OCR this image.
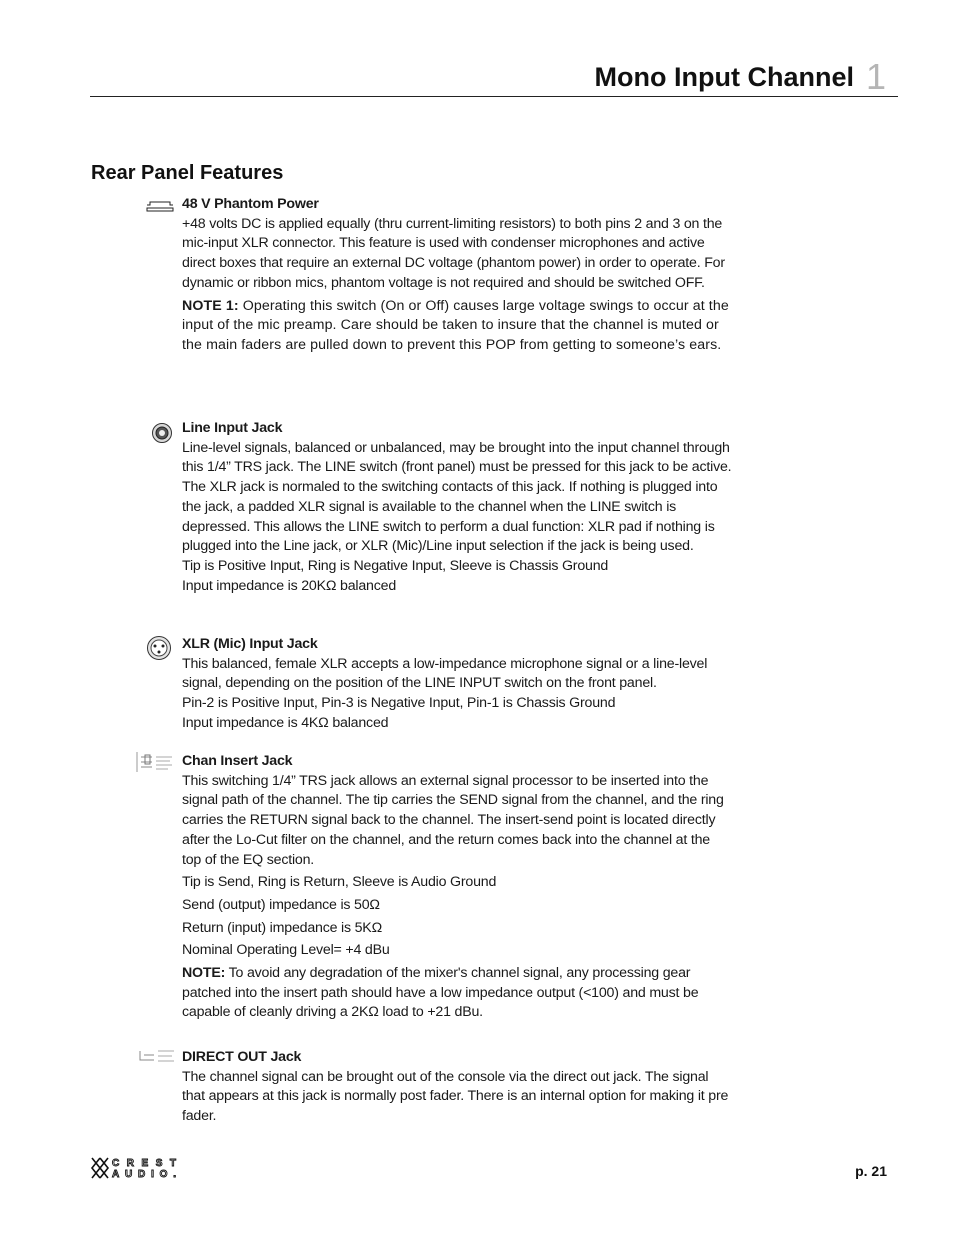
Mono Input Channel 1
Rear Panel Features
48 V Phantom Power

+48 volts DC is applied equally (thru current-limiting resistors) to both pins 2 and 3 on the mic-input XLR connector. This feature is used with condenser microphones and active direct boxes that require an external DC voltage (phantom power) in order to operate. For dynamic or ribbon mics, phantom voltage is not required and should be switched OFF.

NOTE 1: Operating this switch (On or Off) causes large voltage swings to occur at the input of the mic preamp. Care should be taken to insure that the channel is muted or the main faders are pulled down to prevent this POP from getting to someone’s ears.

Line Input Jack

Line-level signals, balanced or unbalanced, may be brought into the input channel through this 1/4” TRS jack. The LINE switch (front panel) must be pressed for this jack to be active. The XLR jack is normaled to the switching contacts of this jack. If nothing is plugged into the jack, a padded XLR signal is available to the channel when the LINE switch is depressed. This allows the LINE switch to perform a dual function: XLR pad if nothing is plugged into the Line jack, or XLR (Mic)/Line input selection if the jack is being used.

Tip is Positive Input, Ring is Negative Input, Sleeve is Chassis Ground

Input impedance is 20KΩ balanced

XLR (Mic) Input Jack

This balanced, female XLR accepts a low-impedance microphone signal or a line-level signal, depending on the position of the LINE INPUT switch on the front panel.

Pin-2 is Positive Input, Pin-3 is Negative Input, Pin-1 is Chassis Ground

Input impedance is 4KΩ balanced

Chan Insert Jack

This switching 1/4” TRS jack allows an external signal processor to be inserted into the signal path of the channel. The tip carries the SEND signal from the channel, and the ring carries the RETURN signal back to the channel. The insert-send point is located directly after the Lo-Cut filter on the channel, and the return comes back into the channel at the top of the EQ section.

Tip is Send, Ring is Return, Sleeve is Audio Ground

Send (output) impedance is 50Ω

Return (input) impedance is 5KΩ

Nominal Operating Level= +4 dBu

NOTE: To avoid any degradation of the mixer's channel signal, any processing gear patched into the insert path should have a low impedance output (<100) and must be capable of cleanly driving a 2KΩ load to +21 dBu.

DIRECT OUT Jack

The channel signal can be brought out of the console via the direct out jack. The signal that appears at this jack is normally post fader. There is an internal option for making it pre fader.

CREST
AUDIO.	p. 21
